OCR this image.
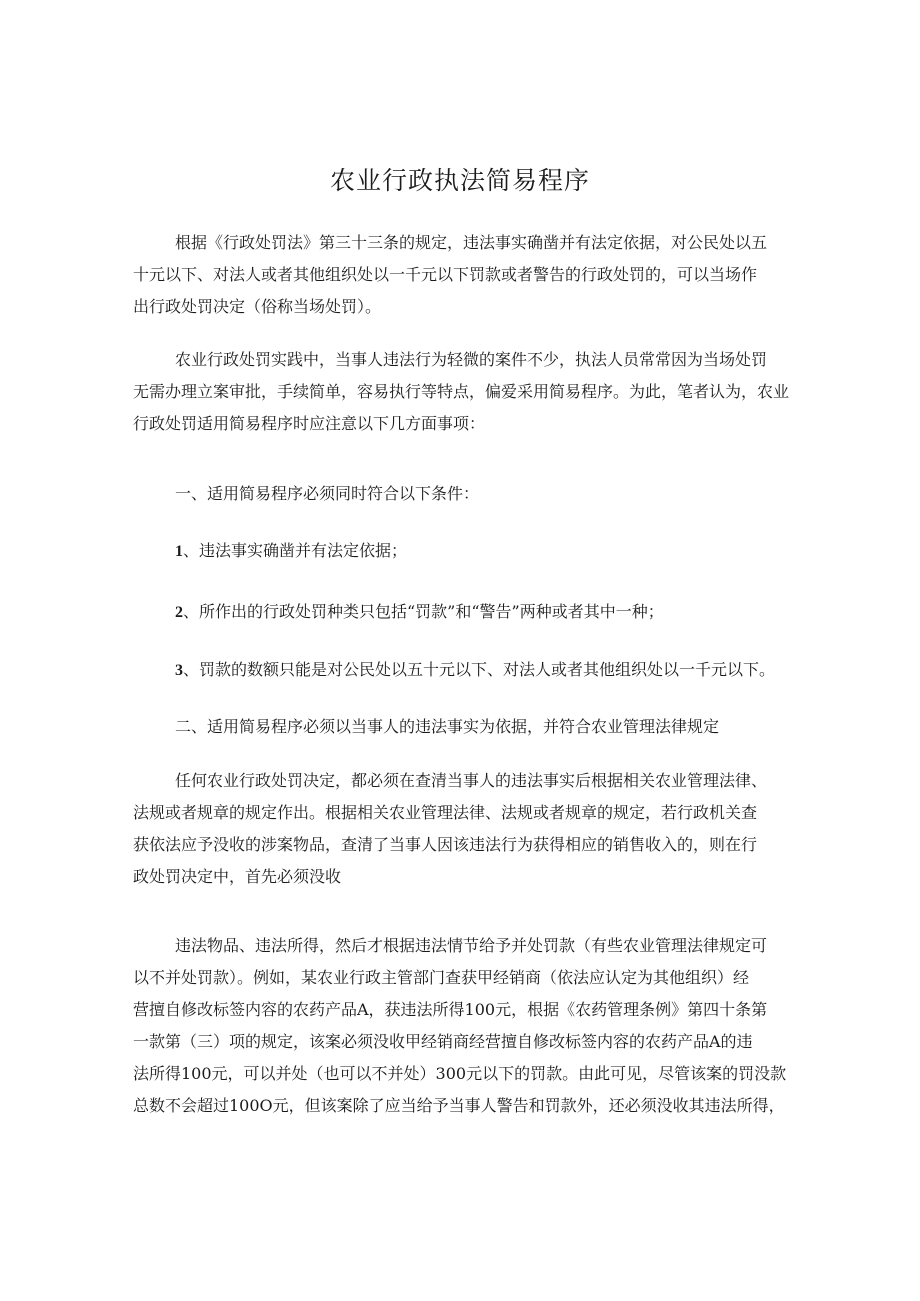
农业行政执法简易程序
根据《行政处罚法》第三十三条的规定，违法事实确凿并有法定依据，对公民处以五
十元以下、对法人或者其他组织处以一千元以下罚款或者警告的行政处罚的，可以当场作
出行政处罚决定（俗称当场处罚）。
农业行政处罚实践中，当事人违法行为轻微的案件不少，执法人员常常因为当场处罚
无需办理立案审批，手续简单，容易执行等特点，偏爱采用简易程序。为此，笔者认为，农业
行政处罚适用简易程序时应注意以下几方面事项：
一、适用简易程序必须同时符合以下条件：
1、违法事实确凿并有法定依据；
2、所作出的行政处罚种类只包括“罚款”和“警告”两种或者其中一种；
3、罚款的数额只能是对公民处以五十元以下、对法人或者其他组织处以一千元以下。
二、适用简易程序必须以当事人的违法事实为依据，并符合农业管理法律规定
任何农业行政处罚决定，都必须在查清当事人的违法事实后根据相关农业管理法律、
法规或者规章的规定作出。根据相关农业管理法律、法规或者规章的规定，若行政机关查
获依法应予没收的涉案物品，查清了当事人因该违法行为获得相应的销售收入的，则在行
政处罚决定中，首先必须没收
违法物品、违法所得，然后才根据违法情节给予并处罚款（有些农业管理法律规定可
以不并处罚款）。例如，某农业行政主管部门查获甲经销商（依法应认定为其他组织）经
营擅自修改标签内容的农药产品A，获违法所得100元，根据《农药管理条例》第四十条第
一款第（三）项的规定，该案必须没收甲经销商经营擅自修改标签内容的农药产品A的违
法所得100元，可以并处（也可以不并处）300元以下的罚款。由此可见，尽管该案的罚没款
总数不会超过100O元，但该案除了应当给予当事人警告和罚款外，还必须没收其违法所得，
